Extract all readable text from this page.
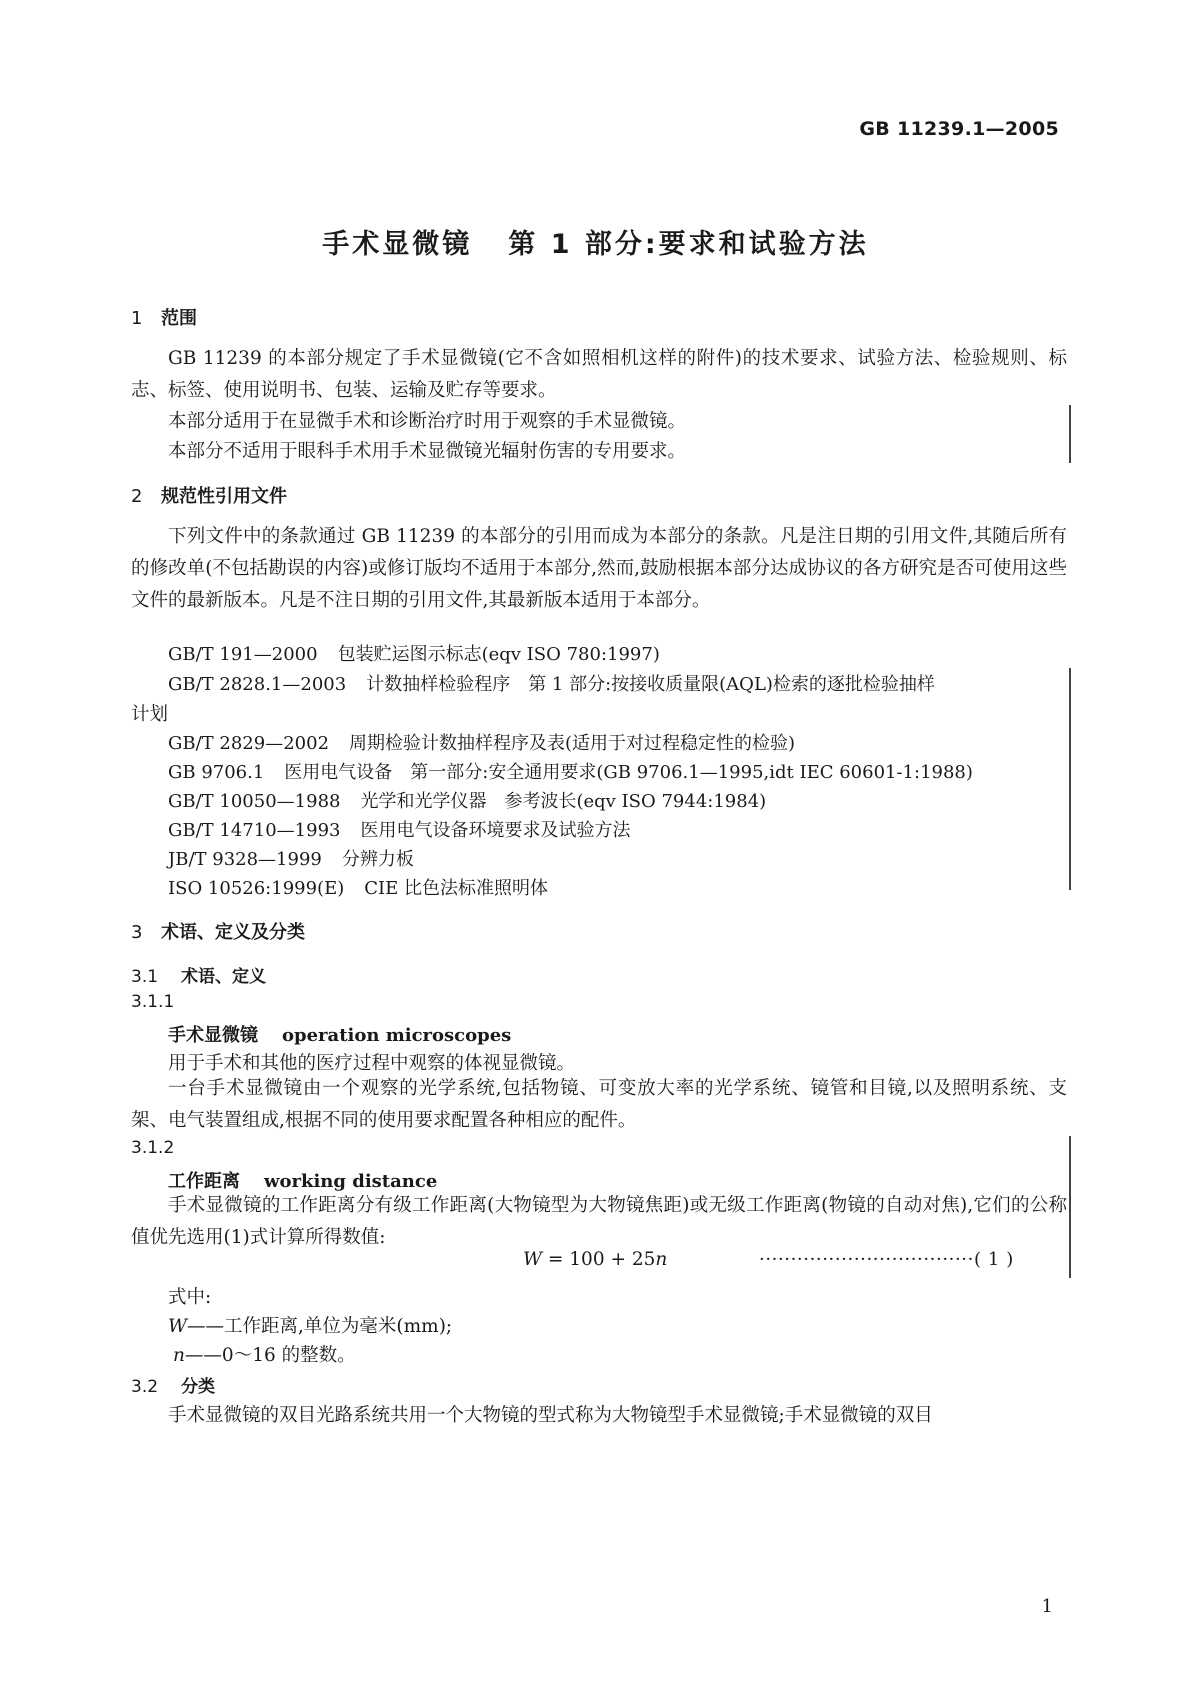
GB 11239.1—2005
手术显微镜 第 1 部分:要求和试验方法
1 范围
GB 11239 的本部分规定了手术显微镜(它不含如照相机这样的附件)的技术要求、试验方法、检验规则、标志、标签、使用说明书、包装、运输及贮存等要求。
本部分适用于在显微手术和诊断治疗时用于观察的手术显微镜。
本部分不适用于眼科手术用手术显微镜光辐射伤害的专用要求。
2 规范性引用文件
下列文件中的条款通过 GB 11239 的本部分的引用而成为本部分的条款。凡是注日期的引用文件,其随后所有的修改单(不包括勘误的内容)或修订版均不适用于本部分,然而,鼓励根据本部分达成协议的各方研究是否可使用这些文件的最新版本。凡是不注日期的引用文件,其最新版本适用于本部分。
GB/T 191—2000 包装贮运图示标志(eqv ISO 780:1997)
GB/T 2828.1—2003 计数抽样检验程序　第 1 部分:按接收质量限(AQL)检索的逐批检验抽样
计划
GB/T 2829—2002 周期检验计数抽样程序及表(适用于对过程稳定性的检验)
GB 9706.1 医用电气设备　第一部分:安全通用要求(GB 9706.1—1995,idt IEC 60601-1:1988)
GB/T 10050—1988 光学和光学仪器　参考波长(eqv ISO 7944:1984)
GB/T 14710—1993 医用电气设备环境要求及试验方法
JB/T 9328—1999 分辨力板
ISO 10526:1999(E) CIE 比色法标准照明体
3 术语、定义及分类
3.1 术语、定义
3.1.1
手术显微镜 operation microscopes
用于手术和其他的医疗过程中观察的体视显微镜。
一台手术显微镜由一个观察的光学系统,包括物镜、可变放大率的光学系统、镜管和目镜,以及照明系统、支架、电气装置组成,根据不同的使用要求配置各种相应的配件。
3.1.2
工作距离 working distance
手术显微镜的工作距离分有级工作距离(大物镜型为大物镜焦距)或无级工作距离(物镜的自动对焦),它们的公称值优先选用(1)式计算所得数值:
W = 100 + 25n	··································( 1 )
式中:
W——工作距离,单位为毫米(mm);
n——0～16 的整数。
3.2 分类
手术显微镜的双目光路系统共用一个大物镜的型式称为大物镜型手术显微镜;手术显微镜的双目
1
